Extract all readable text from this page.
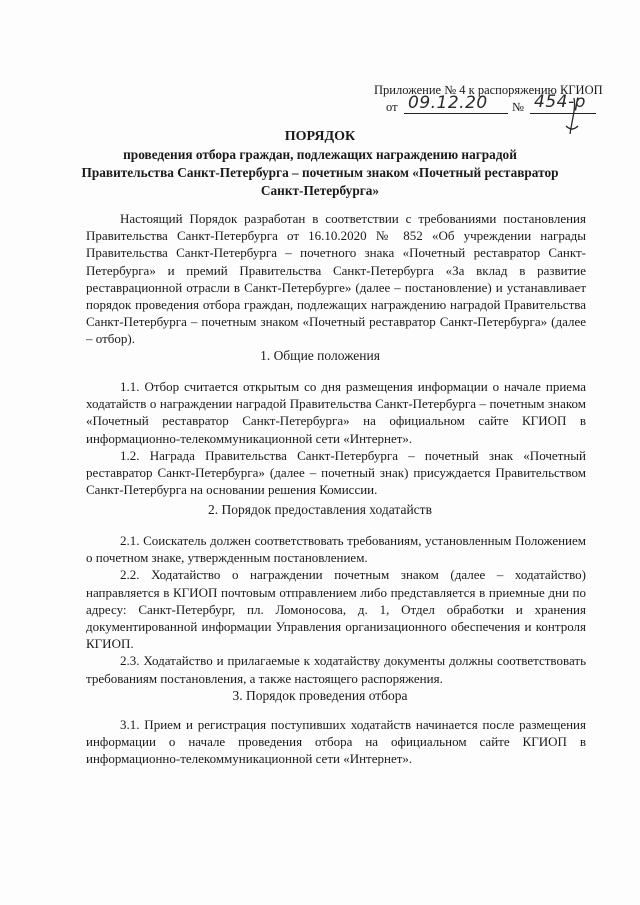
Приложение № 4 к распоряжению КГИОП
от 09.12.20 № 454-р
ПОРЯДОК
проведения отбора граждан, подлежащих награждению наградой
Правительства Санкт-Петербурга – почетным знаком «Почетный реставратор
Санкт-Петербурга»

Настоящий Порядок разработан в соответствии с требованиями постановления Правительства Санкт-Петербурга от 16.10.2020 № 852 «Об учреждении награды Правительства Санкт-Петербурга – почетного знака «Почетный реставратор Санкт-Петербурга» и премий Правительства Санкт-Петербурга «За вклад в развитие реставрационной отрасли в Санкт-Петербурге» (далее – постановление) и устанавливает порядок проведения отбора граждан, подлежащих награждению наградой Правительства Санкт-Петербурга – почетным знаком «Почетный реставратор Санкт-Петербурга» (далее – отбор).

1. Общие положения

1.1. Отбор считается открытым со дня размещения информации о начале приема ходатайств о награждении наградой Правительства Санкт-Петербурга – почетным знаком «Почетный реставратор Санкт-Петербурга» на официальном сайте КГИОП в информационно-телекоммуникационной сети «Интернет».

1.2. Награда Правительства Санкт-Петербурга – почетный знак «Почетный реставратор Санкт-Петербурга» (далее – почетный знак) присуждается Правительством Санкт-Петербурга на основании решения Комиссии.

2. Порядок предоставления ходатайств

2.1. Соискатель должен соответствовать требованиям, установленным Положением о почетном знаке, утвержденным постановлением.

2.2. Ходатайство о награждении почетным знаком (далее – ходатайство) направляется в КГИОП почтовым отправлением либо представляется в приемные дни по адресу: Санкт-Петербург, пл. Ломоносова, д. 1, Отдел обработки и хранения документированной информации Управления организационного обеспечения и контроля КГИОП.

2.3. Ходатайство и прилагаемые к ходатайству документы должны соответствовать требованиям постановления, а также настоящего распоряжения.

3. Порядок проведения отбора

3.1. Прием и регистрация поступивших ходатайств начинается после размещения информации о начале проведения отбора на официальном сайте КГИОП в информационно-телекоммуникационной сети «Интернет».
